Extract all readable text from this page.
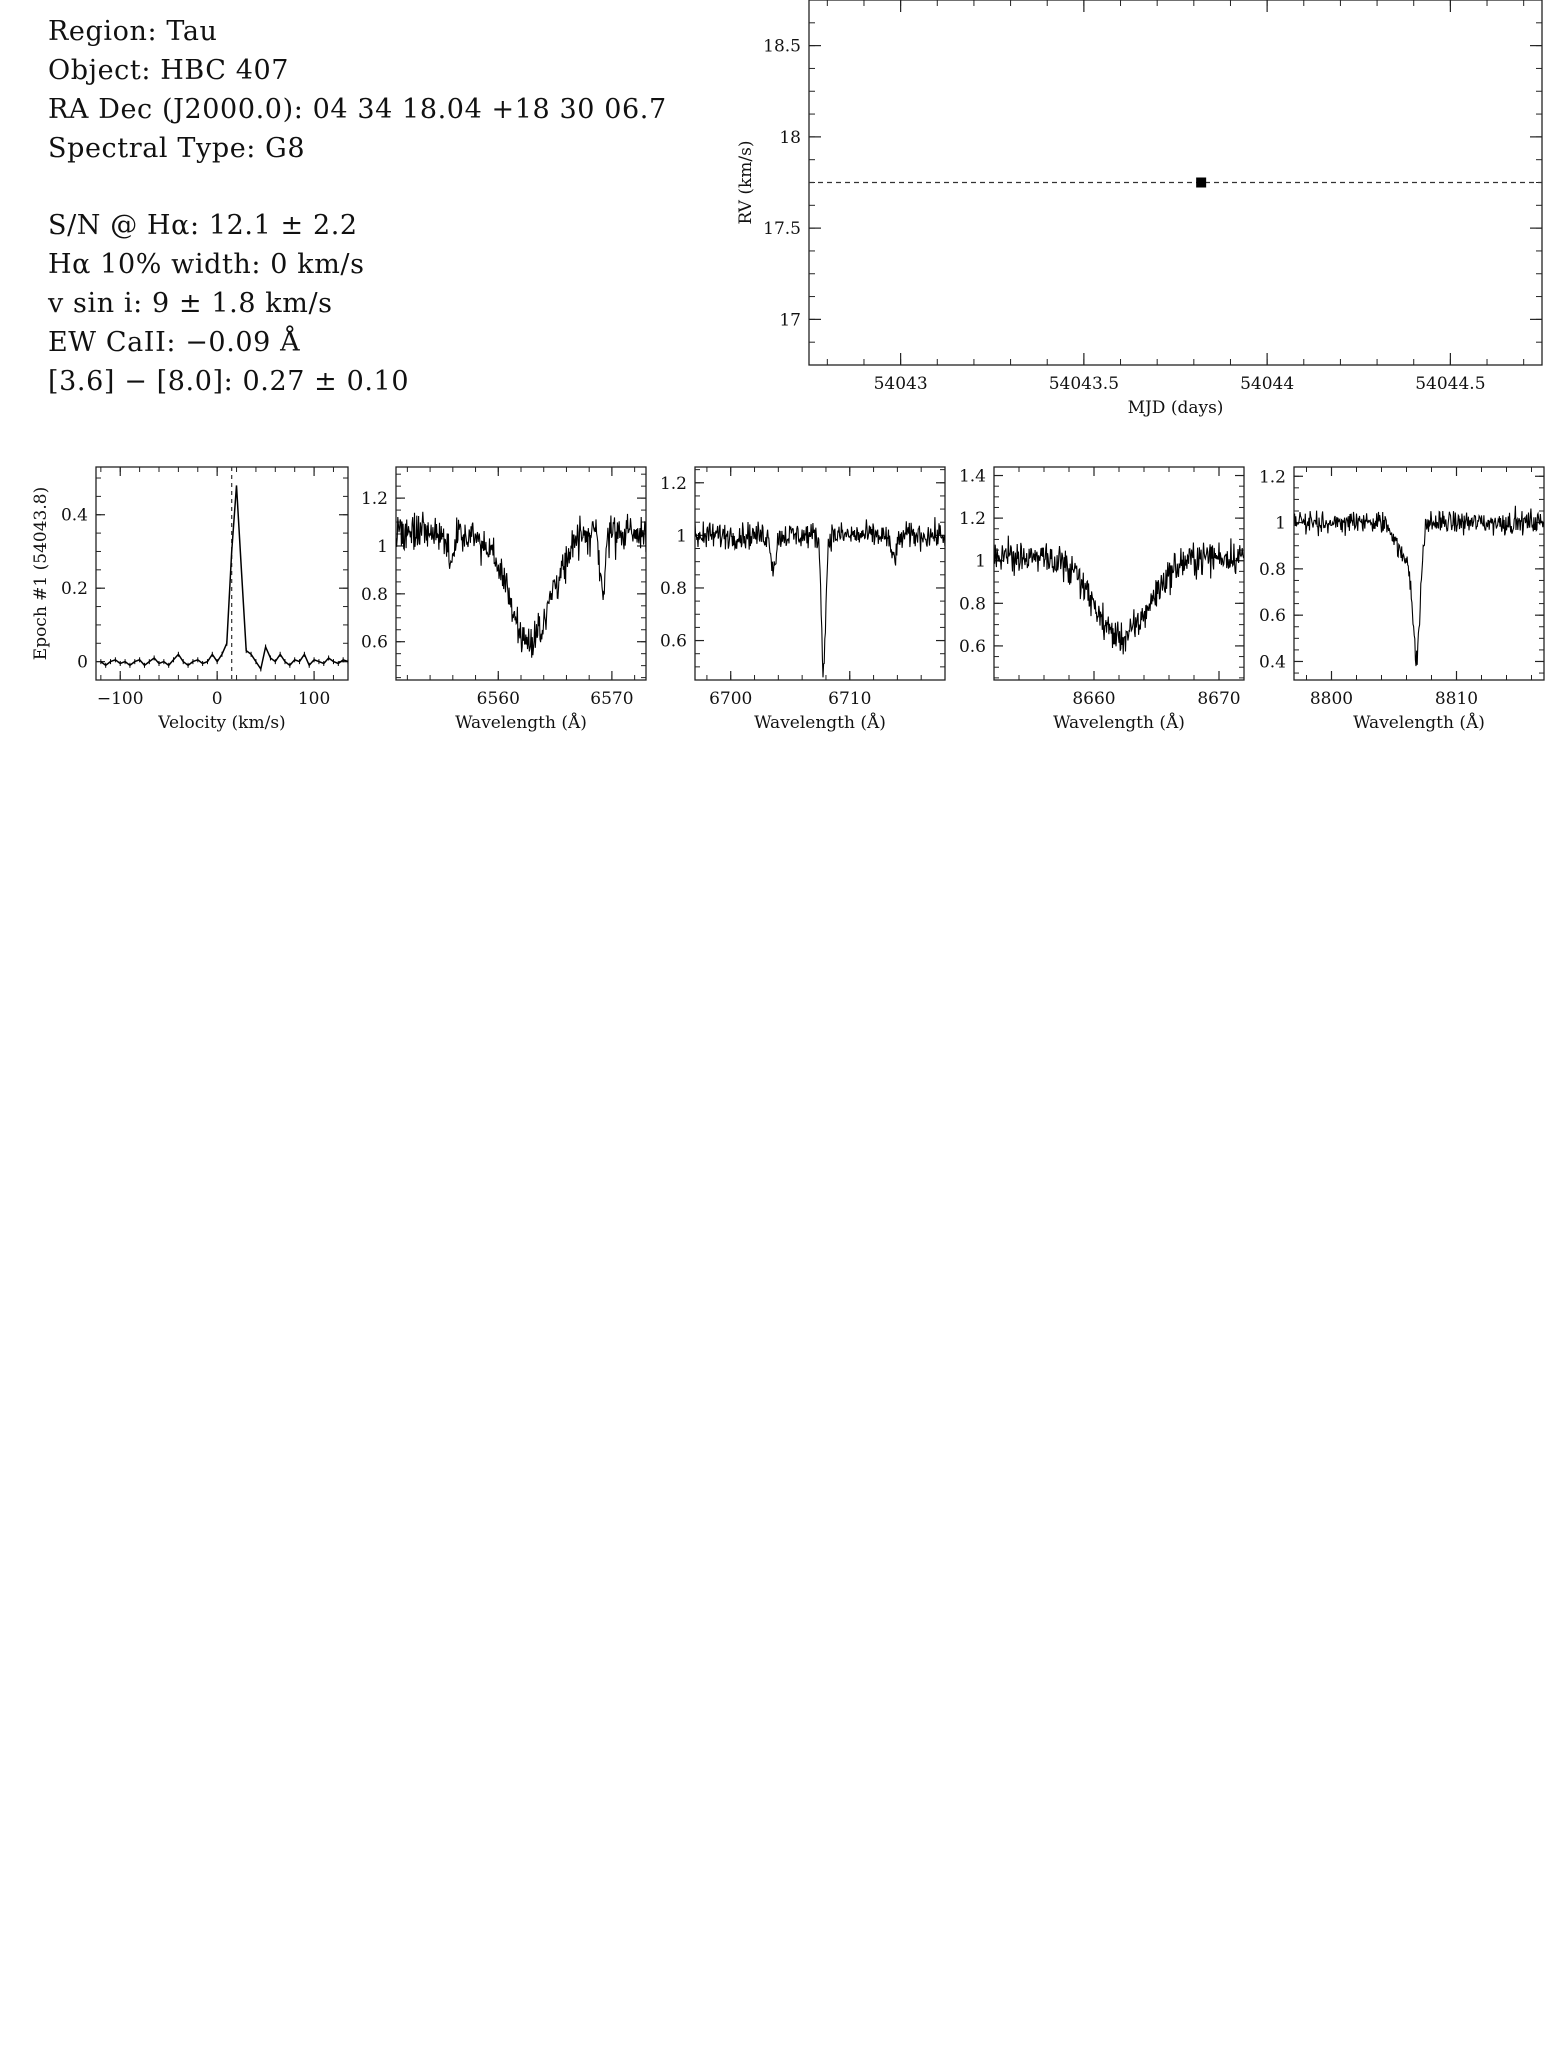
Region: Tau
Object: HBC 407
RA Dec (J2000.0): 04 34 18.04 +18 30 06.7
Spectral Type: G8
S/N @ Hα: 12.1 ± 2.2
Hα 10% width: 0 km/s
v sin i: 9 ± 1.8 km/s
EW CaII: −0.09 Å
[3.6] − [8.0]: 0.27 ± 0.10	54043	54043.5	54044	54044.5
17
17.5
18
18.5
MJD (days)
RV (km/s)
−100	0	100
0
0.2
0.4
Velocity (km/s)
Epoch #1 (54043.8)
6560	6570
0.6
0.8
1
1.2
Wavelength (Å)
6700	6710
0.6
0.8
1
1.2
Wavelength (Å)
8660	8670
0.6
0.8
1
1.2
1.4
Wavelength (Å)
8800	8810
0.4
0.6
0.8
1
1.2
Wavelength (Å)
